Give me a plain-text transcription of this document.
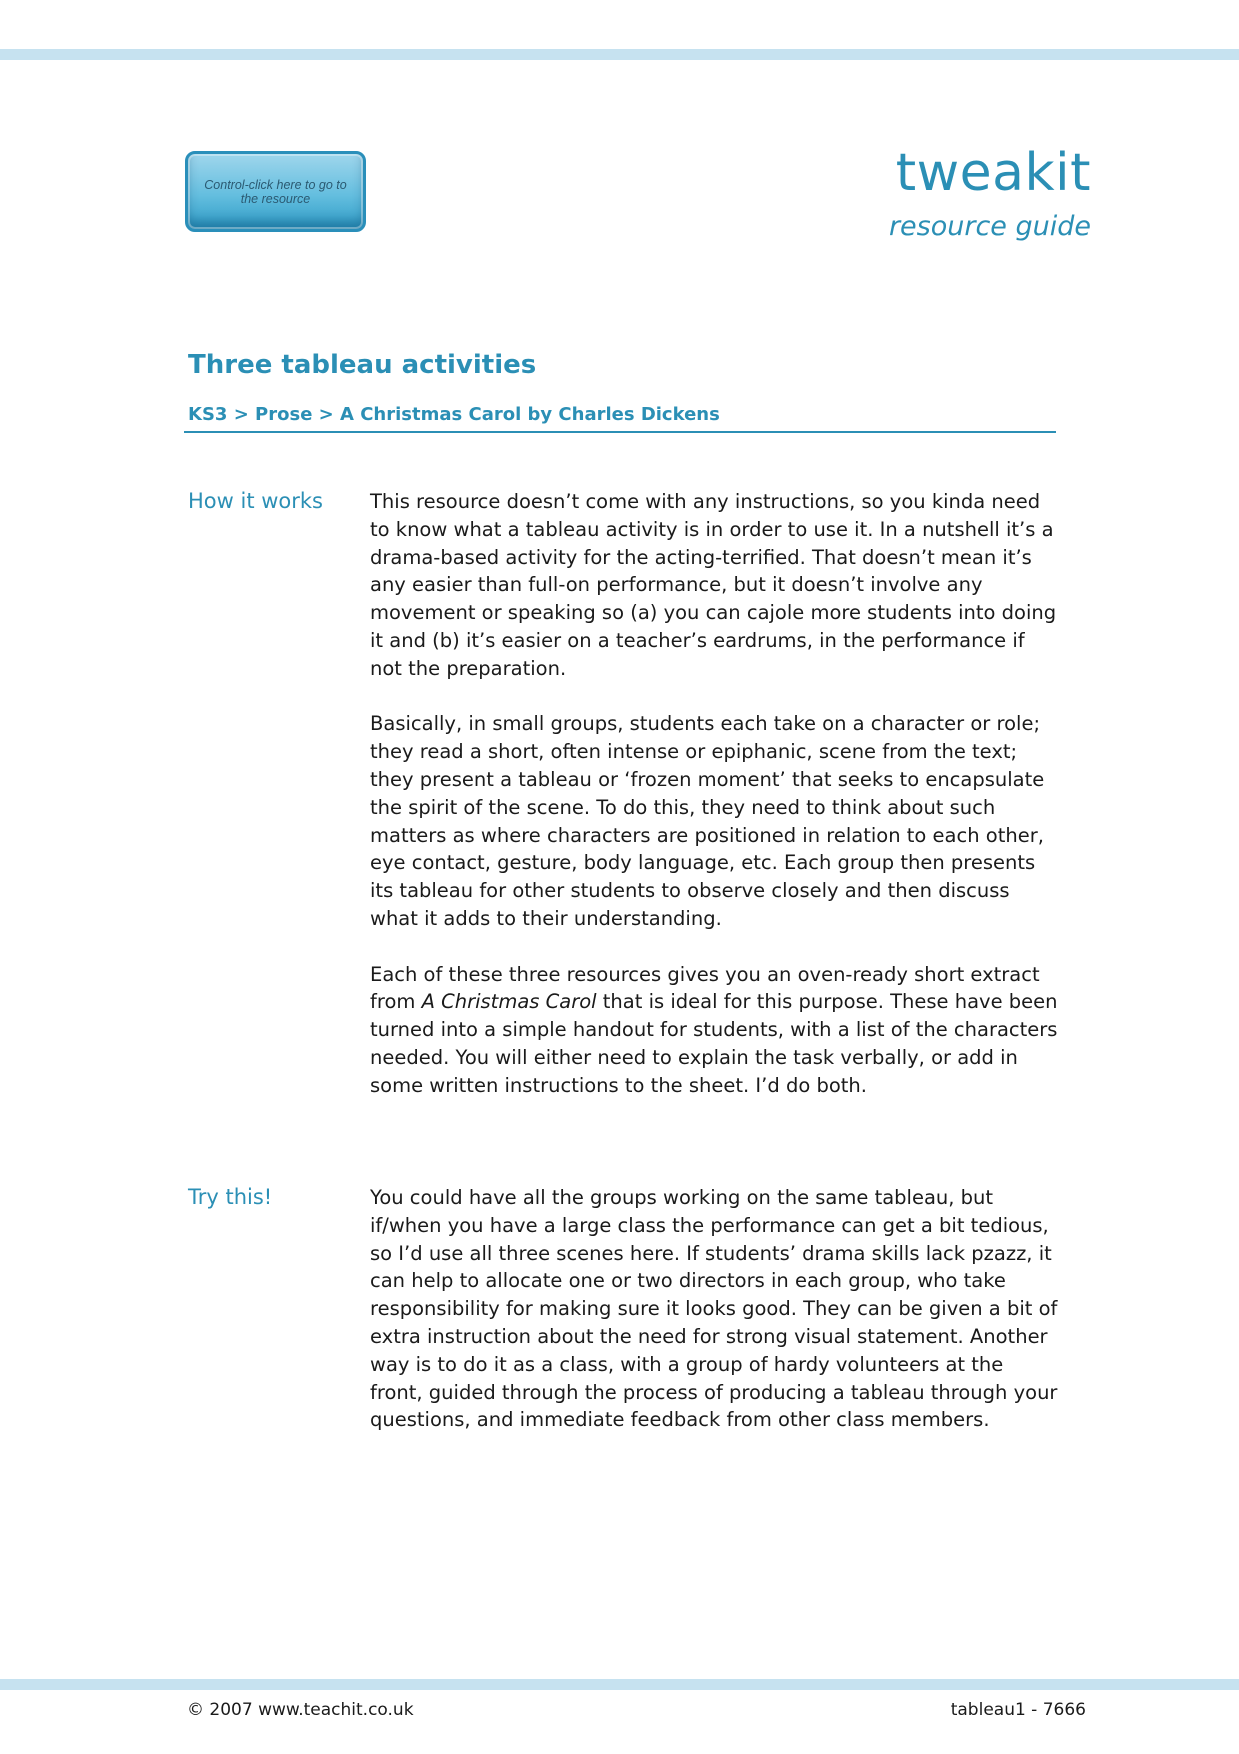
Control-click here to go to the resource	tweakit
resource guide
Three tableau activities
KS3 > Prose > A Christmas Carol by Charles Dickens
How it works This resource doesn’t come with any instructions, so you kinda need to know what a tableau activity is in order to use it. In a nutshell it’s a drama-based activity for the acting-terrified. That doesn’t mean it’s any easier than full-on performance, but it doesn’t involve any movement or speaking so (a) you can cajole more students into doing it and (b) it’s easier on a teacher’s eardrums, in the performance if not the preparation.

Basically, in small groups, students each take on a character or role; they read a short, often intense or epiphanic, scene from the text; they present a tableau or ‘frozen moment’ that seeks to encapsulate the spirit of the scene. To do this, they need to think about such matters as where characters are positioned in relation to each other, eye contact, gesture, body language, etc. Each group then presents its tableau for other students to observe closely and then discuss what it adds to their understanding.

Each of these three resources gives you an oven-ready short extract from A Christmas Carol that is ideal for this purpose. These have been turned into a simple handout for students, with a list of the characters needed. You will either need to explain the task verbally, or add in some written instructions to the sheet. I’d do both.

Try this!	You could have all the groups working on the same tableau, but if/when you have a large class the performance can get a bit tedious, so I’d use all three scenes here. If students’ drama skills lack pzazz, it can help to allocate one or two directors in each group, who take responsibility for making sure it looks good. They can be given a bit of extra instruction about the need for strong visual statement. Another way is to do it as a class, with a group of hardy volunteers at the front, guided through the process of producing a tableau through your questions, and immediate feedback from other class members.

© 2007 www.teachit.co.uk	tableau1 - 7666
